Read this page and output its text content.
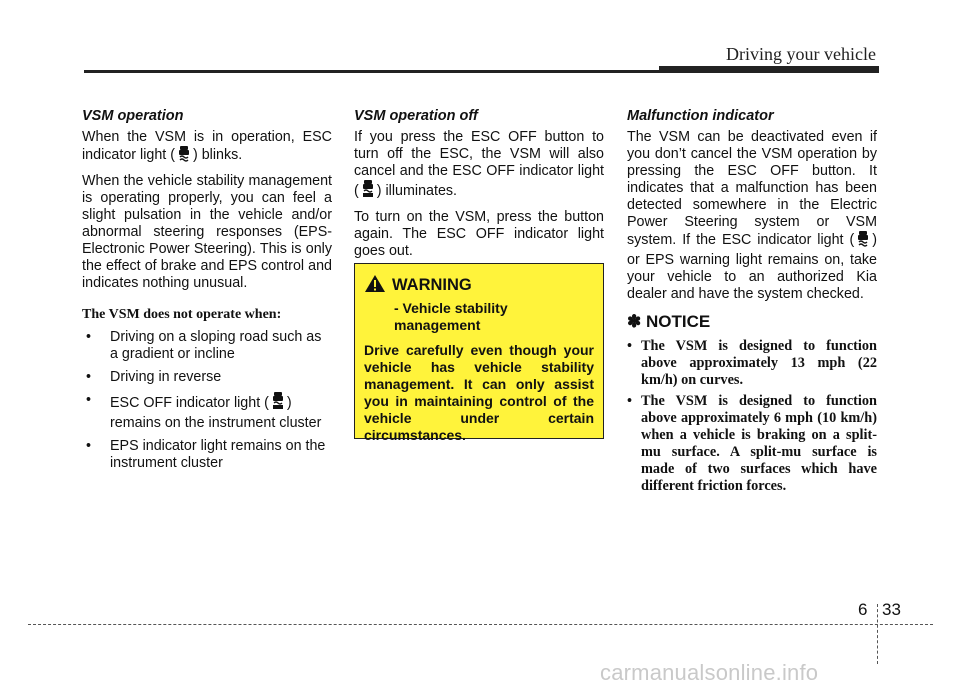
Driving your vehicle
VSM operation

When the VSM is in operation, ESC indicator light ( ) blinks.

When the vehicle stability management is operating properly, you can feel a slight pulsation in the vehicle and/or abnormal steering responses (EPS- Electronic Power Steering). This is only the effect of brake and EPS control and indicates nothing unusual.

The VSM does not operate when:
• Driving on a sloping road such as a gradient or incline
• Driving in reverse
• ESC OFF indicator light ( ) remains on the instrument cluster
• EPS indicator light remains on the instrument cluster
VSM operation off

If you press the ESC OFF button to turn off the ESC, the VSM will also cancel and the ESC OFF indicator light ( ) illuminates.

To turn on the VSM, press the button again. The ESC OFF indicator light goes out.

WARNING
- Vehicle stability management
Drive carefully even though your vehicle has vehicle stability management. It can only assist you in maintaining control of the vehicle under certain circumstances.
Malfunction indicator

The VSM can be deactivated even if you don’t cancel the VSM operation by pressing the ESC OFF button. It indicates that a malfunction has been detected somewhere in the Electric Power Steering system or VSM system. If the ESC indicator light ( ) or EPS warning light remains on, take your vehicle to an authorized Kia dealer and have the system checked.

✽ NOTICE
• The VSM is designed to function above approximately 13 mph (22 km/h) on curves.
• The VSM is designed to function above approximately 6 mph (10 km/h) when a vehicle is braking on a split-mu surface. A split-mu surface is made of two surfaces which have different friction forces.
6 33
carmanualsonline.info
